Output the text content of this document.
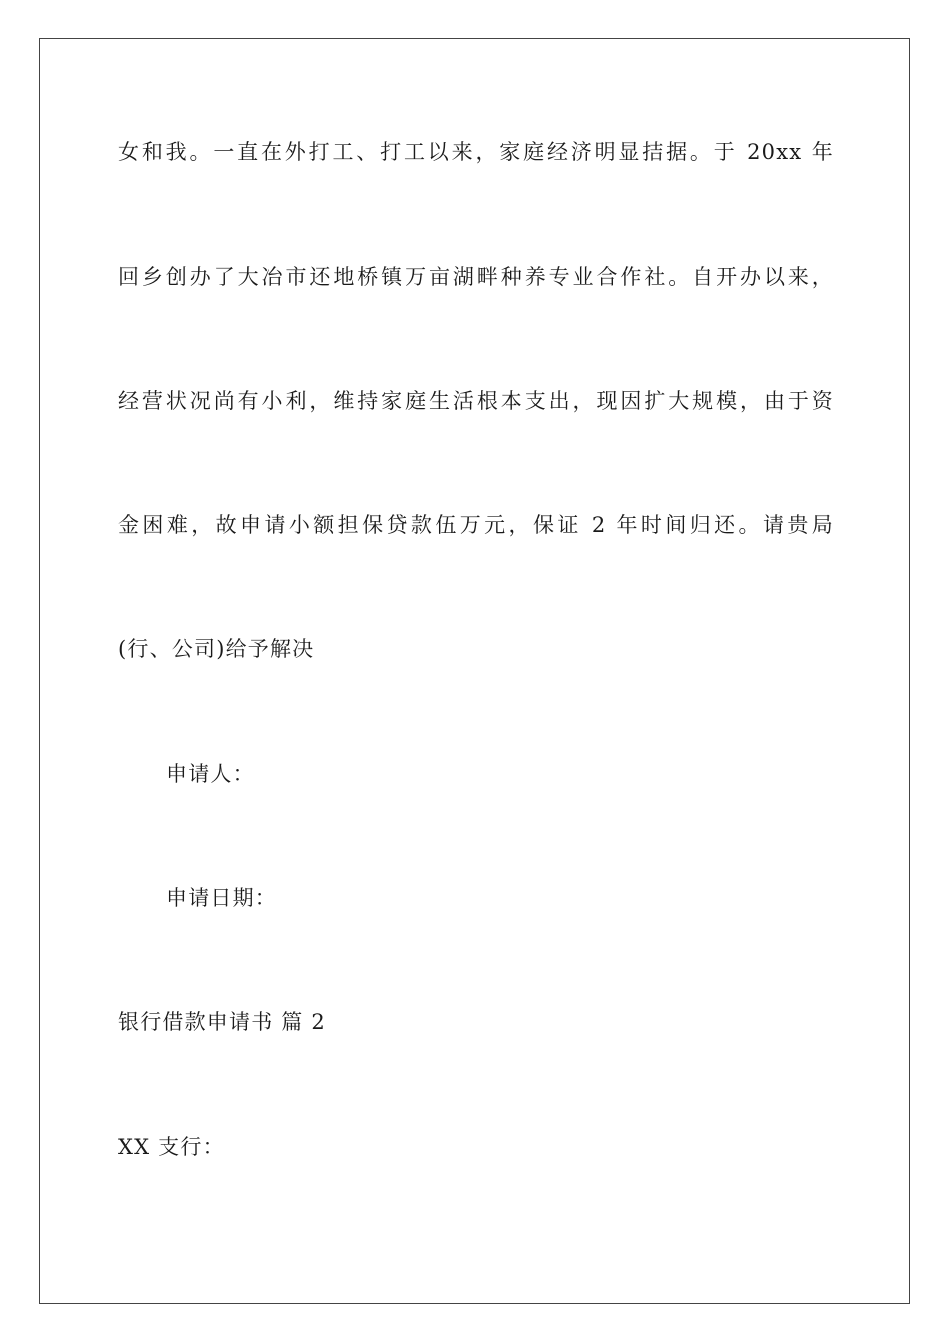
女和我。一直在外打工、打工以来，家庭经济明显拮据。于 20xx 年
回乡创办了大冶市还地桥镇万亩湖畔种养专业合作社。自开办以来，
经营状况尚有小利，维持家庭生活根本支出，现因扩大规模，由于资
金困难，故申请小额担保贷款伍万元，保证 2 年时间归还。请贵局
(行、公司)给予解决
申请人：
申请日期：
银行借款申请书 篇 2
XX 支行：
